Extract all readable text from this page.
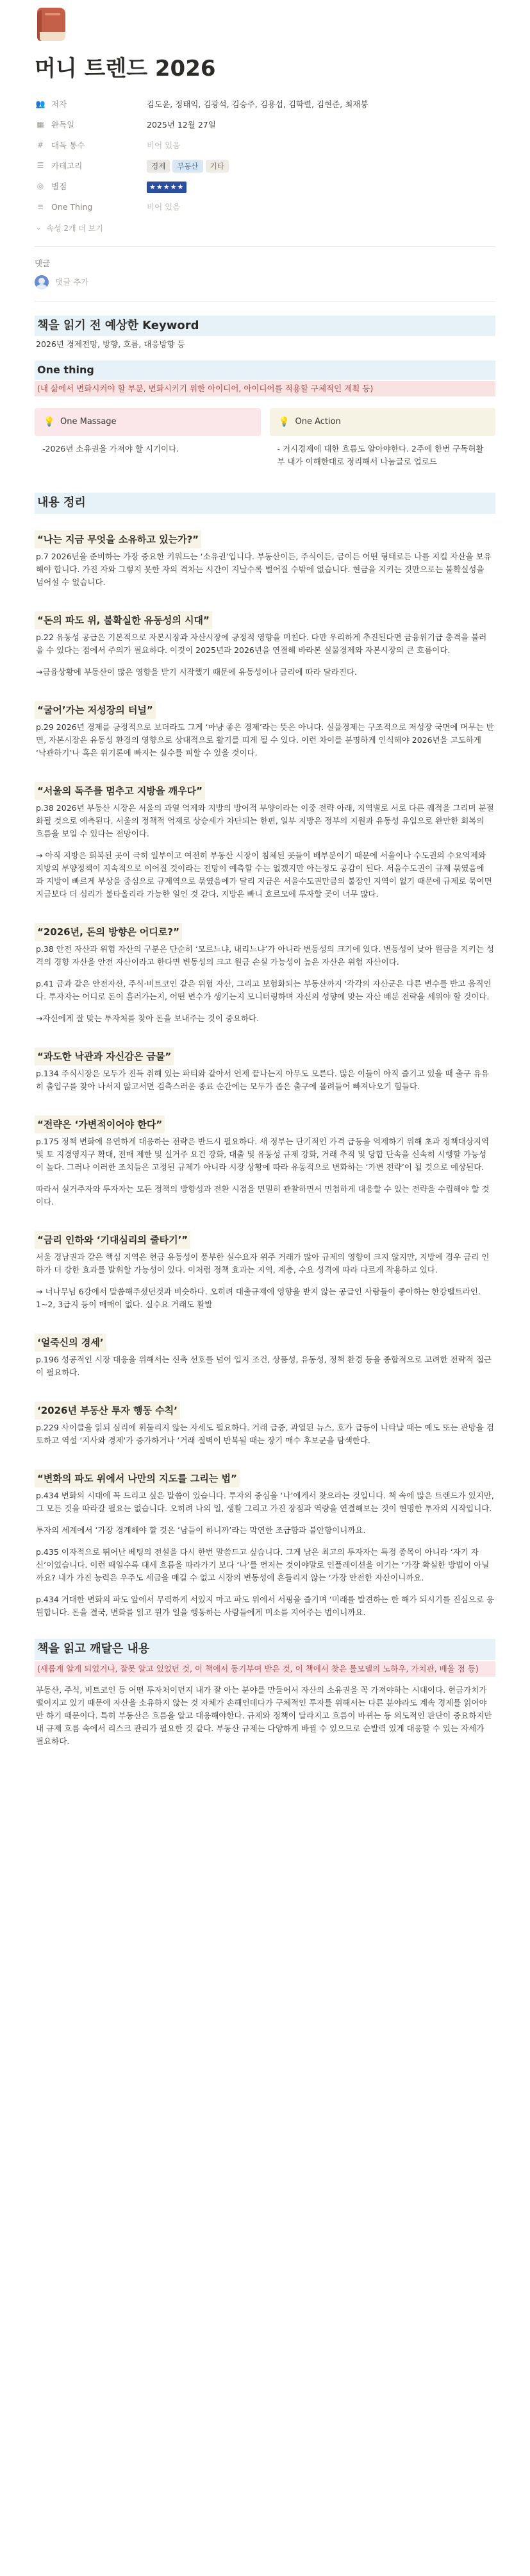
머니 트렌드 2026
👥 저자	김도윤, 정태익, 김광석, 김승주, 김용섭, 김학렬, 김현준, 최재붕
▦ 완독일	2025년 12월 27일
# 대독 통수	비어 있음
☰ 카테고리	경제 부동산 기타
◎ 별점	★★★★★
≡ One Thing	비어 있음
⌄ 속성 2개 더 보기
댓글
댓글 추가
책을 읽기 전 예상한 Keyword

2026년 경제전망, 방향, 흐름, 대응방향 등

One thing
(내 삶에서 변화시켜야 할 부분, 변화시키기 위한 아이디어, 아이디어를 적용할 구체적인 계획 등)
💡 One Massage
-2026년 소유권을 가져야 할 시기이다.
💡 One Action
- 거시경제에 대한 흐름도 알아야한다. 2주에 한번 구독허활부 내가 이해한대로 정리해서 나눔글로 업로드
내용 정리
“나는 지금 무엇을 소유하고 있는가?”

p.7 2026년을 준비하는 가장 중요한 키워드는 ‘소유권’입니다. 부동산이든, 주식이든, 금이든 어떤 형태로든 나를 지킬 자산을 보유해야 합니다. 가진 자와 그렇지 못한 자의 격차는 시간이 지날수록 벌어질 수밖에 없습니다. 현금을 지키는 것만으로는 불확실성을 넘어설 수 없습니다.

“돈의 파도 위, 불확실한 유동성의 시대”

p.22 유동성 공급은 기본적으로 자본시장과 자산시장에 긍정적 영향을 미친다. 다만 우리하게 추진된다면 금융위기급 충격을 불러올 수 있다는 점에서 주의가 필요하다. 이것이 2025년과 2026년을 연결해 바라본 실물경제와 자본시장의 큰 흐름이다.

→금융상황에 부동산이 많은 영향을 받기 시작했기 때문에 유동성이나 금리에 따라 달라진다.

“굴어’가는 저성장의 터널”

p.29 2026년 경제를 긍정적으로 보더라도 그게 ‘마냥 좋은 경제’라는 뜻은 아니다. 실물경제는 구조적으로 저성장 국면에 머무는 반면, 자본시장은 유동성 환경의 영향으로 상대적으로 활기를 띠게 될 수 있다. 이런 차이를 분명하게 인식해야 2026년을 고도하게 ‘낙관하기’나 혹은 위기론에 빠지는 실수를 피할 수 있을 것이다.

“서울의 독주를 멈추고 지방을 깨우다”

p.38 2026년 부동산 시장은 서울의 과열 억제와 지방의 방어적 부양이라는 이중 전략 아래, 지역별로 서로 다른 궤적을 그리며 분절화될 것으로 예측된다. 서울의 정책적 억제로 상승세가 차단되는 한편, 일부 지방은 정부의 지원과 유동성 유입으로 완만한 회복의 흐름을 보일 수 있다는 전망이다.

→ 아직 지방은 회복된 곳이 극히 일부이고 여전히 부동산 시장이 침체된 곳들이 배부분이기 때문에 서울이나 수도권의 수요억제와 지방의 부양정책이 지속적으로 이어질 것이라는 전망이 예측할 수는 없겠지만 아는정도 공감이 된다. 서울수도권이 규제 묶였음에 과 지방이 빠르게 부상을 중심으로 규제역으로 묶였음에가 달리 지금은 서울수도권만큼의 불장인 지역이 없기 때문에 규제로 묶여면 지금보다 더 심리가 불타올리라 가능한 일인 것 같다. 지방은 빠니 호르모에 투자할 곳이 너무 많다.

“2026년, 돈의 방향은 어디로?”

p.38 안전 자산과 위험 자산의 구분은 단순히 ‘모르느냐, 내리느냐’가 아니라 변동성의 크기에 있다. 변동성이 낮아 원금을 지키는 성격의 경향 자산을 안전 자산이라고 한다면 변동성의 크고 원금 손실 가능성이 높은 자산은 위험 자산이다.

p.41 금과 같은 안전자산, 주식·비트코인 같은 위험 자산, 그리고 보험화되는 부동산까지 '각각의 자산군은 다른 변수를 반고 움직인다. 투자자는 어디로 돈이 흘러가는지, 어떤 변수가 생기는지 모니터링하며 자신의 성향에 맞는 자산 배분 전략을 세워야 할 것이다.

→자신에게 잘 맞는 투자처를 찾아 돈을 보내주는 것이 중요하다.

“과도한 낙관과 자신감은 금물”

p.134 주식시장은 모두가 진득 취해 있는 파티와 같아서 언제 끝나는지 아무도 모른다. 많은 이들이 아직 즐기고 있을 때 출구 유유히 출입구를 찾아 나서지 않고서면 검측스러운 종료 순간에는 모두가 좁은 출구에 몰려들어 빠져나오기 힘들다.

“전략은 ‘가변적이어야 한다”

p.175 정책 변화에 유연하게 대응하는 전략은 반드시 필요하다. 새 정부는 단기적인 가격 급등을 억제하기 위해 초과 정책대상지역 및 토 지경영지구 확대, 전매 제한 및 실거주 요건 강화, 대출 및 유동성 규제 강화, 거래 추적 및 당합 단속을 신속히 시행할 가능성이 높다. 그러나 이러한 조치들은 고정된 규제가 아니라 시장 상황에 따라 유동적으로 변화하는 ‘가변 전략’이 될 것으로 예상된다.

따라서 실거주자와 투자자는 모든 정책의 방향성과 전환 시점을 면밀히 관찰하면서 민첩하게 대응할 수 있는 전략을 수립해야 할 것이다.

“금리 인하와 ‘기대심리의 줄타기’”

서울 경남권과 같은 핵심 지역은 현금 유동성이 풍부한 실수요자 위주 거래가 많아 규제의 영향이 크지 않지만, 지방에 경우 금리 인하가 더 강한 효과를 발휘할 가능성이 있다. 이처럼 정책 효과는 지역, 계층, 수요 성격에 따라 다르게 작용하고 있다.

→ 너나무님 6강에서 말씀해주셨던것과 비슷하다. 오히려 대출규제에 영향을 받지 않는 공급인 사람들이 좋아하는 한강벨트라인. 1~2, 3급지 등이 매매이 없다. 실수요 거래도 활발

‘얼죽신의 경세’

p.196 성공적인 시장 대응을 위해서는 신축 선호를 넘어 입지 조건, 상품성, 유동성, 정책 환경 등을 종합적으로 고려한 전략적 접근이 필요하다.

‘2026년 부동산 투자 행동 수칙’

p.229 사이클을 읽되 심리에 휘둘리지 않는 자세도 필요하다. 거래 급증, 과열된 뉴스, 호가 급등이 나타날 때는 예도 또는 관망을 검토하고 역설 ‘지사와 경제'가 증가하거나 ‘거래 절벽이 반복될 때는 장기 매수 후보군을 탐색한다.

“변화의 파도 위에서 나만의 지도를 그리는 법”

p.434 변화의 시대에 꼭 드리고 싶은 말씀이 있습니다. 투자의 중심을 ‘나’에게서 찾으라는 것입니다. 책 속에 많은 트렌드가 있지만, 그 모든 것을 따라갈 필요는 없습니다. 오히려 나의 일, 생활 그리고 가진 장점과 역량을 연결해보는 것이 현명한 투자의 시작입니다.

투자의 세계에서 ‘가장 경계해야 할 것은 ‘남들이 하니까’라는 막연한 조급함과 불안함이니까요.

p.435 이자적으로 뛰어난 베팅의 전설을 다시 한번 말씀드고 싶습니다. 그게 남은 최고의 투자자는 특정 종목이 아니라 ‘자기 자신’이었습니다. 이런 때일수록 대세 흐름을 따라가기 보다 ‘나’를 먼저는 것이야말로 인플레이션을 이기는 ‘가장 확실한 방법이 아닐까요? 내가 가진 능력은 우주도 세금을 매길 수 없고 시장의 변동성에 흔들리지 않는 ‘가장 안전한 자산이니까요.

p.434 거대한 변화의 파도 앞에서 무력하게 서있지 마고 파도 위에서 서핑을 즐기며 ‘미래를 발견하는 한 해가 되시기를 진심으로 응원합니다. 돈을 결국, 변화를 읽고 원가 일을 행동하는 사람들에게 미소를 지어주는 법이니까요.

책을 읽고 깨달은 내용
(새롭게 알게 되었거나, 잘못 알고 있었던 것, 이 책에서 동기부여 받은 것, 이 책에서 찾은 롤모델의 노하우, 가치관, 배울 점 등)

부동산, 주식, 비트코인 등 어떤 투자처이던지 내가 잘 아는 분야를 만들어서 자산의 소유권을 꼭 가져야하는 시대이다. 현금가치가 떨어지고 있기 때문에 자산을 소유하지 않는 것 자체가 손해인데다가 구체적인 투자를 위해서는 다른 분야라도 계속 경제를 읽어야만 하기 때문이다. 특히 부동산은 흐름을 알고 대응해야한다. 규제와 정책이 달라지고 흐름이 바뀌는 등 의도적인 판단이 중요하지만 내 규제 흐름 속에서 리스크 관리가 필요한 것 같다. 부동산 규제는 다양하게 바뀔 수 있으므로 순발력 있게 대응할 수 있는 자세가 필요하다.
